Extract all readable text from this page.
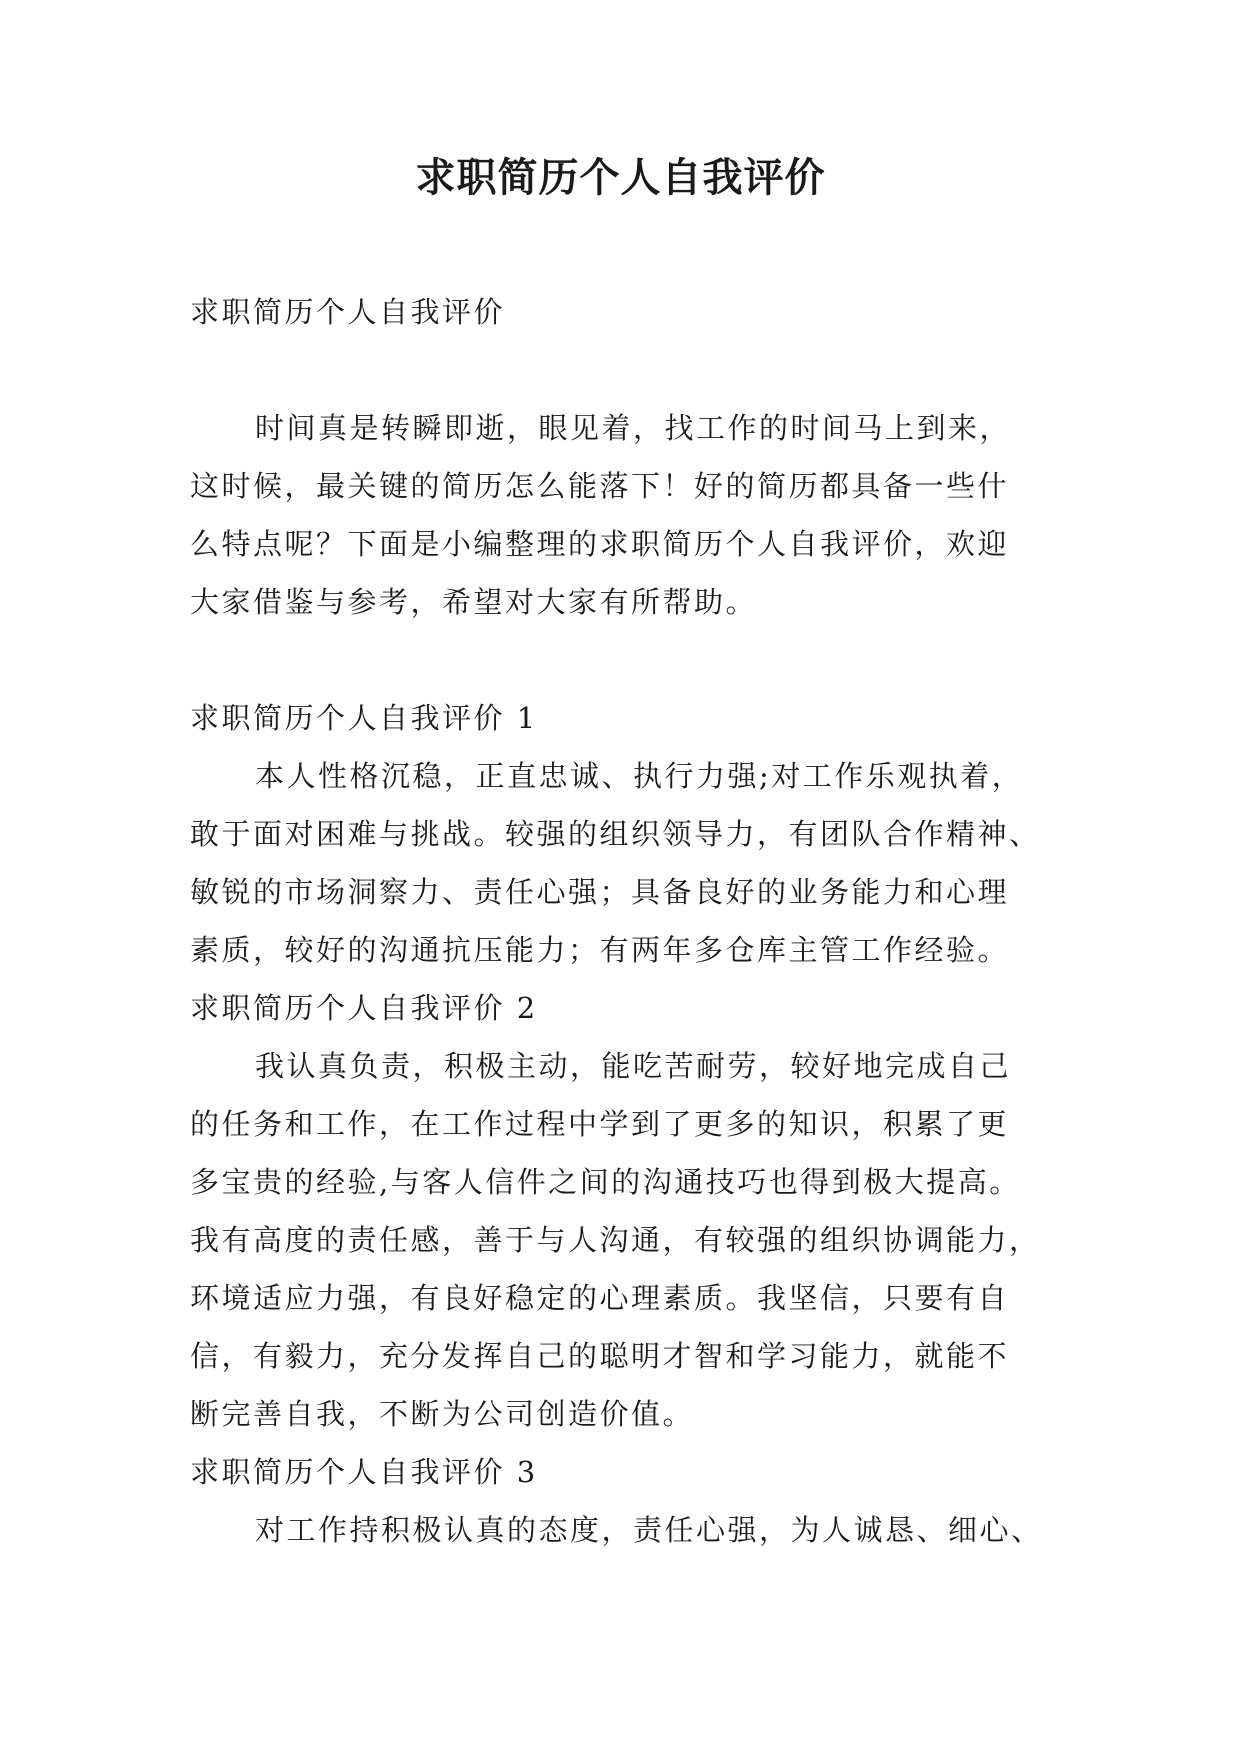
求职简历个人自我评价
求职简历个人自我评价
时间真是转瞬即逝，眼见着，找工作的时间马上到来，
这时候，最关键的简历怎么能落下！好的简历都具备一些什
么特点呢？下面是小编整理的求职简历个人自我评价，欢迎
大家借鉴与参考，希望对大家有所帮助。
求职简历个人自我评价 1
本人性格沉稳，正直忠诚、执行力强;对工作乐观执着，
敢于面对困难与挑战。较强的组织领导力，有团队合作精神、
敏锐的市场洞察力、责任心强；具备良好的业务能力和心理
素质，较好的沟通抗压能力；有两年多仓库主管工作经验。
求职简历个人自我评价 2
我认真负责，积极主动，能吃苦耐劳，较好地完成自己
的任务和工作，在工作过程中学到了更多的知识，积累了更
多宝贵的经验,与客人信件之间的沟通技巧也得到极大提高。
我有高度的责任感，善于与人沟通，有较强的组织协调能力，
环境适应力强，有良好稳定的心理素质。我坚信，只要有自
信，有毅力，充分发挥自己的聪明才智和学习能力，就能不
断完善自我，不断为公司创造价值。
求职简历个人自我评价 3
对工作持积极认真的态度，责任心强，为人诚恳、细心、
